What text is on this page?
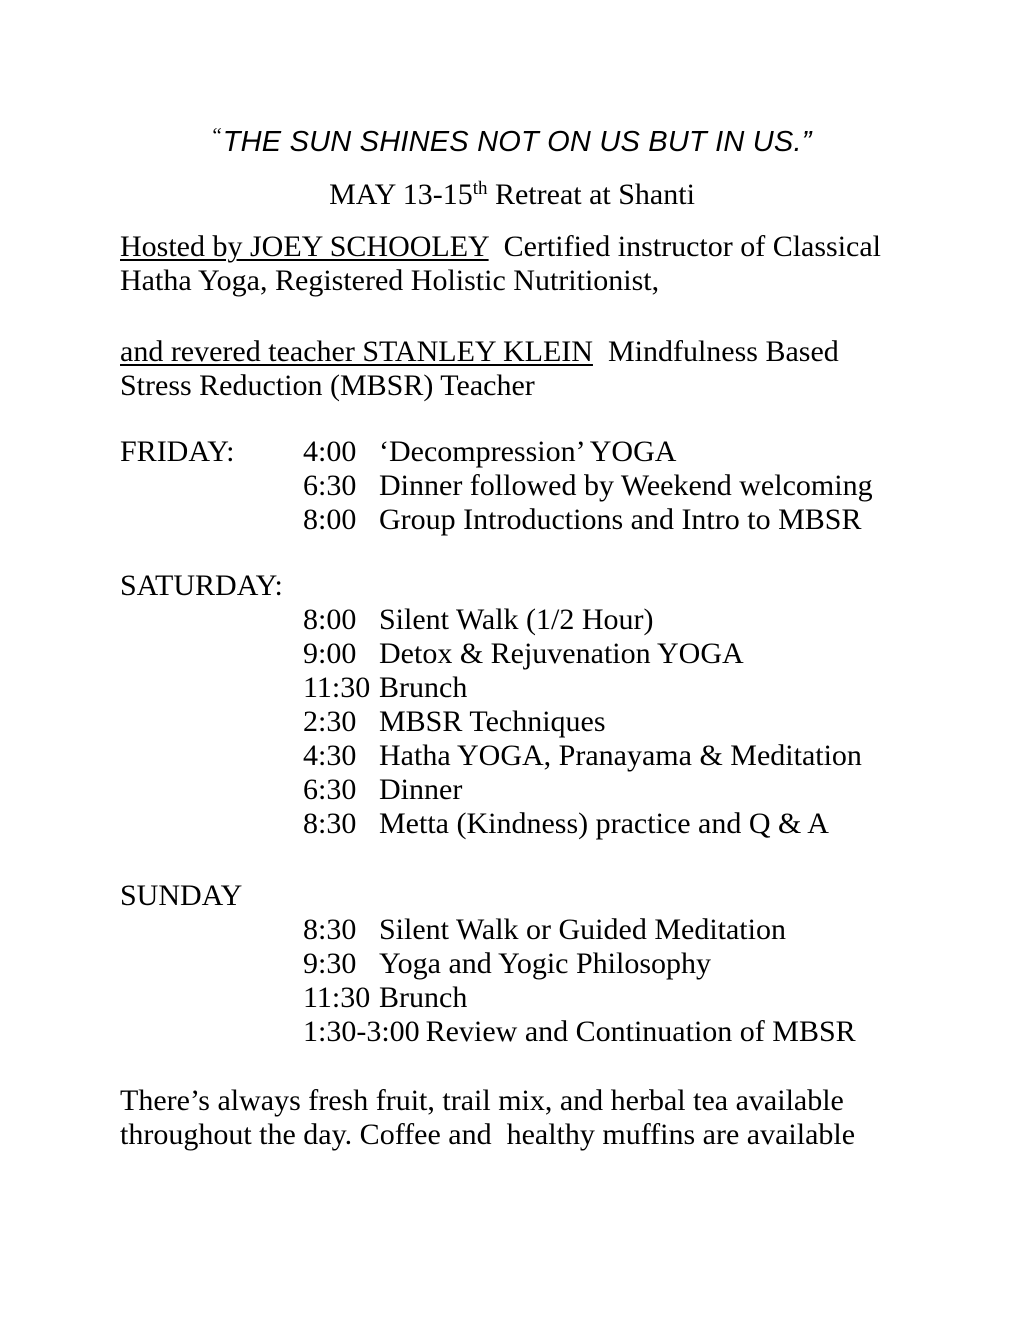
“THE SUN SHINES NOT ON US BUT IN US.”
MAY 13-15th Retreat at Shanti

Hosted by JOEY SCHOOLEY  Certified instructor of Classical
Hatha Yoga, Registered Holistic Nutritionist,

and revered teacher STANLEY KLEIN  Mindfulness Based
Stress Reduction (MBSR) Teacher

FRIDAY:	4:00 ‘Decompression’ YOGA
6:30 Dinner followed by Weekend welcoming
8:00 Group Introductions and Intro to MBSR
SATURDAY:
8:00 Silent Walk (1/2 Hour)
9:00 Detox & Rejuvenation YOGA
11:30 Brunch
2:30 MBSR Techniques
4:30 Hatha YOGA, Pranayama & Meditation
6:30 Dinner
8:30 Metta (Kindness) practice and Q & A
SUNDAY
8:30 Silent Walk or Guided Meditation
9:30 Yoga and Yogic Philosophy
11:30 Brunch
1:30-3:00 Review and Continuation of MBSR

There’s always fresh fruit, trail mix, and herbal tea available
throughout the day. Coffee and  healthy muffins are available
